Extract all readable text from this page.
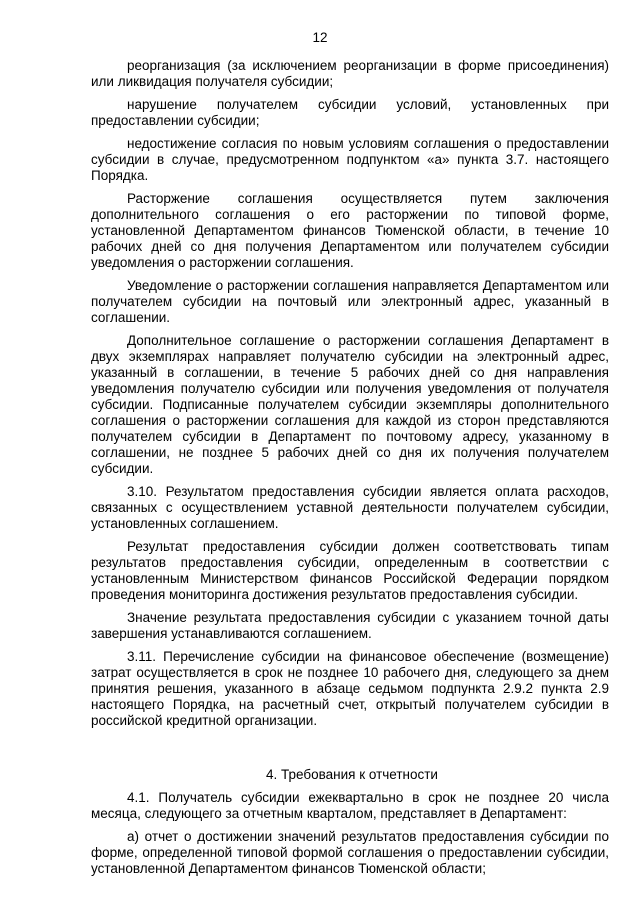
12

реорганизация (за исключением реорганизации в форме присоединения) или ликвидация получателя субсидии;

нарушение получателем субсидии условий, установленных при предоставлении субсидии;

недостижение согласия по новым условиям соглашения о предоставлении субсидии в случае, предусмотренном подпунктом «а» пункта 3.7. настоящего Порядка.

Расторжение соглашения осуществляется путем заключения дополнительного соглашения о его расторжении по типовой форме, установленной Департаментом финансов Тюменской области, в течение 10 рабочих дней со дня получения Департаментом или получателем субсидии уведомления о расторжении соглашения.

Уведомление о расторжении соглашения направляется Департаментом или получателем субсидии на почтовый или электронный адрес, указанный в соглашении.

Дополнительное соглашение о расторжении соглашения Департамент в двух экземплярах направляет получателю субсидии на электронный адрес, указанный в соглашении, в течение 5 рабочих дней со дня направления уведомления получателю субсидии или получения уведомления от получателя субсидии. Подписанные получателем субсидии экземпляры дополнительного соглашения о расторжении соглашения для каждой из сторон представляются получателем субсидии в Департамент по почтовому адресу, указанному в соглашении, не позднее 5 рабочих дней со дня их получения получателем субсидии.

3.10. Результатом предоставления субсидии является оплата расходов, связанных с осуществлением уставной деятельности получателем субсидии, установленных соглашением.

Результат предоставления субсидии должен соответствовать типам результатов предоставления субсидии, определенным в соответствии с установленным Министерством финансов Российской Федерации порядком проведения мониторинга достижения результатов предоставления субсидии.

Значение результата предоставления субсидии с указанием точной даты завершения устанавливаются соглашением.

3.11. Перечисление субсидии на финансовое обеспечение (возмещение) затрат осуществляется в срок не позднее 10 рабочего дня, следующего за днем принятия решения, указанного в абзаце седьмом подпункта 2.9.2 пункта 2.9 настоящего Порядка, на расчетный счет, открытый получателем субсидии в российской кредитной организации.

4. Требования к отчетности

4.1. Получатель субсидии ежеквартально в срок не позднее 20 числа месяца, следующего за отчетным кварталом, представляет в Департамент:

а) отчет о достижении значений результатов предоставления субсидии по форме, определенной типовой формой соглашения о предоставлении субсидии, установленной Департаментом финансов Тюменской области;
